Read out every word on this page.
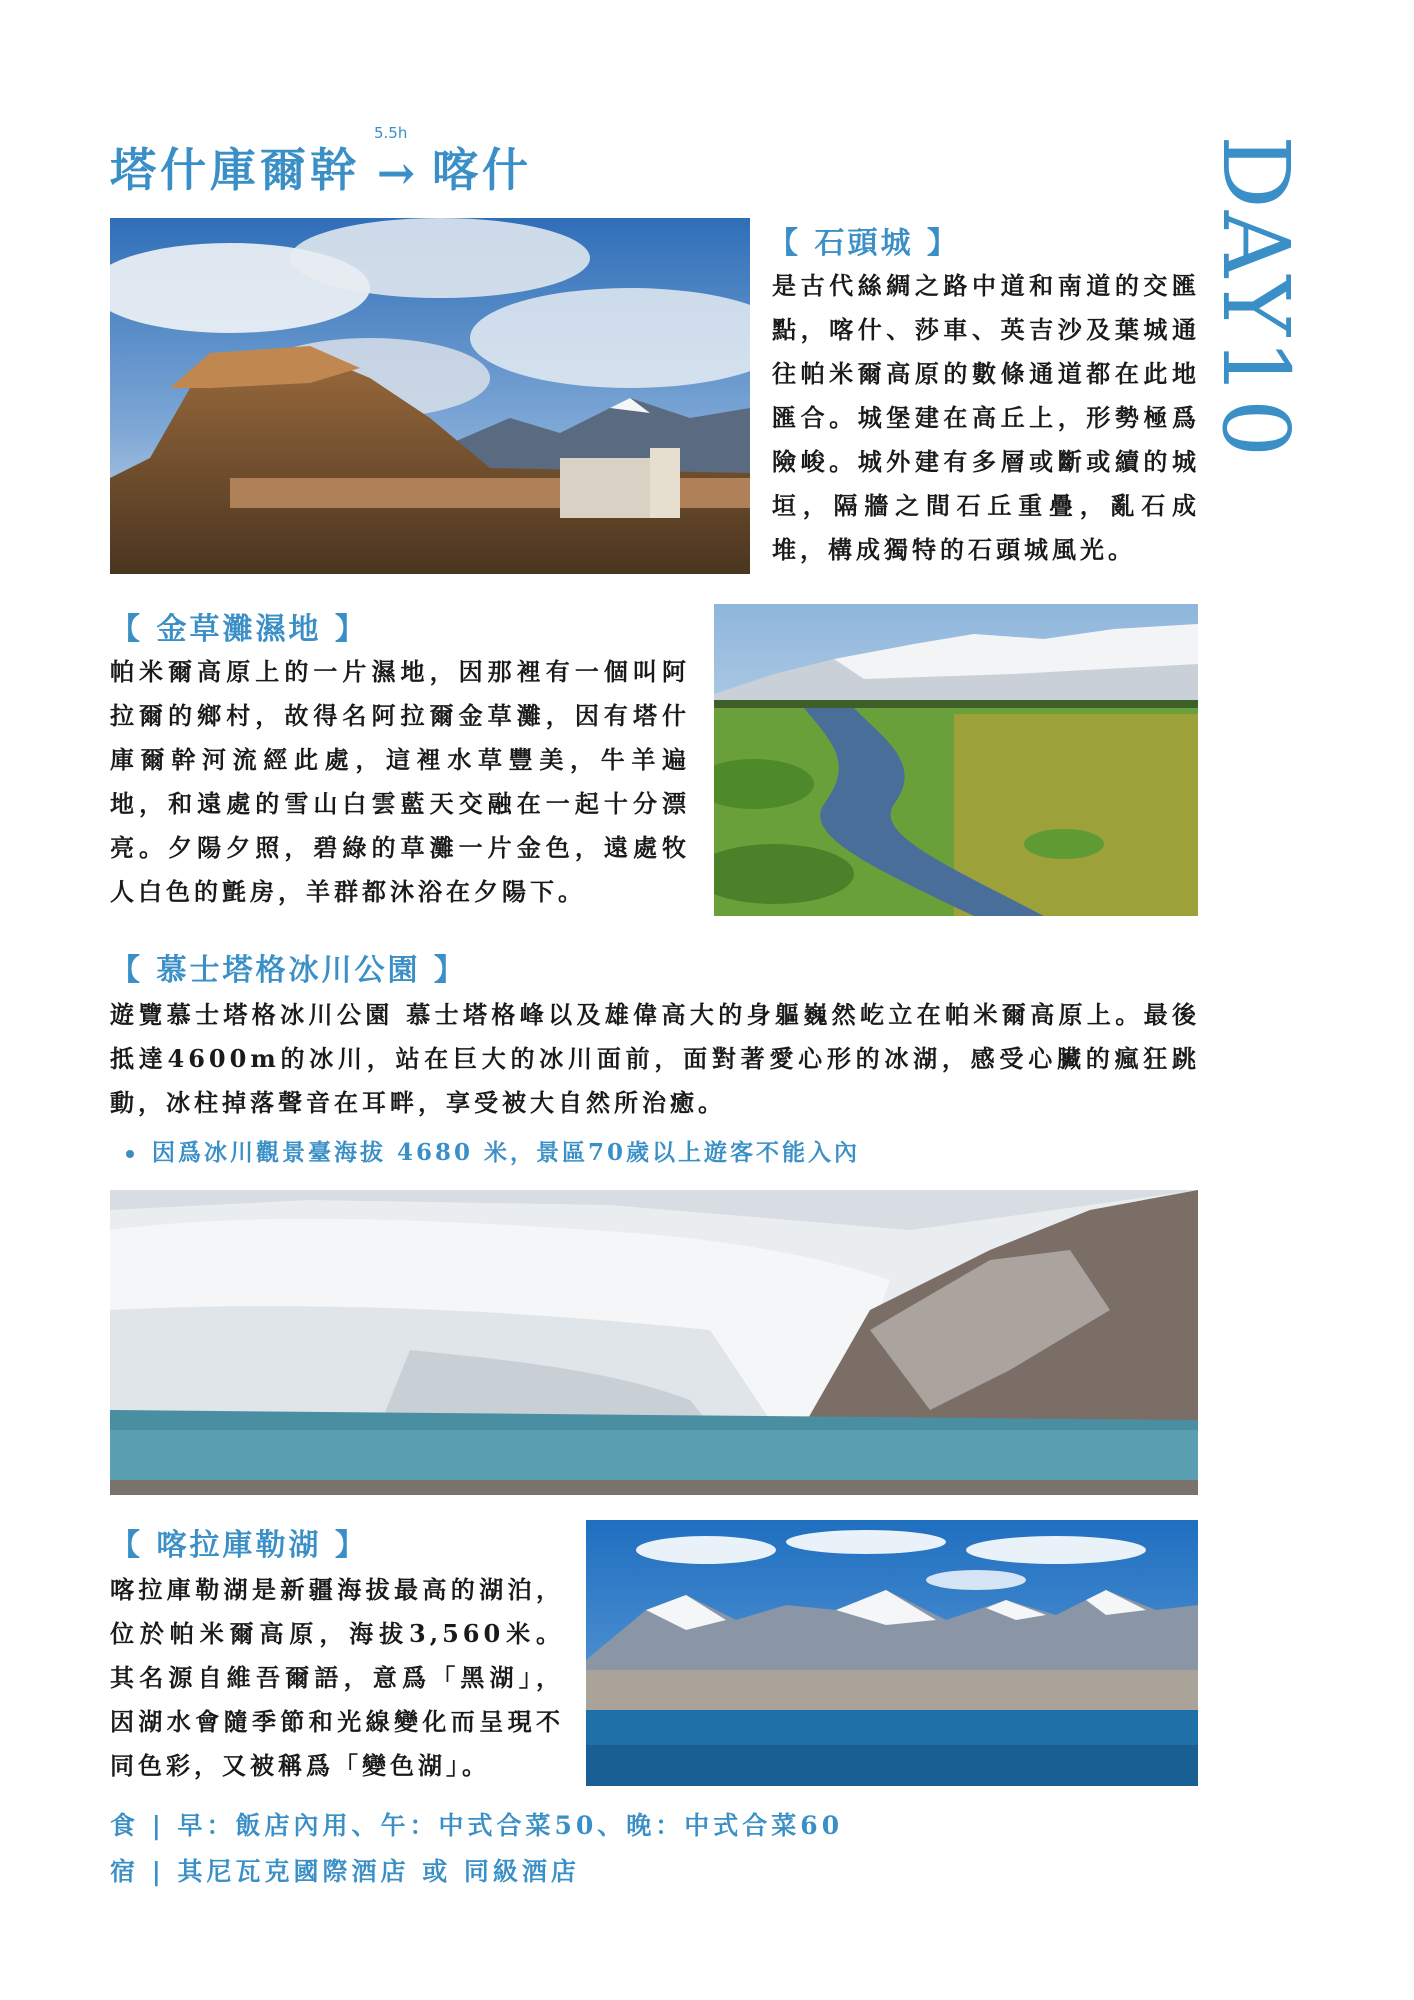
塔什庫爾幹
5.5h
→ 喀什	DAY10
【 石頭城 】
是古代絲綢之路中道和南道的交匯點，喀什、莎車、英吉沙及葉城通往帕米爾高原的數條通道都在此地匯合。城堡建在高丘上，形勢極爲險峻。城外建有多層或斷或續的城垣，隔牆之間石丘重疊，亂石成堆，構成獨特的石頭城風光。
【 金草灘濕地 】
帕米爾高原上的一片濕地，因那裡有一個叫阿拉爾的鄉村，故得名阿拉爾金草灘，因有塔什庫爾幹河流經此處，這裡水草豐美，牛羊遍地，和遠處的雪山白雲藍天交融在一起十分漂亮。夕陽夕照，碧綠的草灘一片金色，遠處牧人白色的氈房，羊群都沐浴在夕陽下。
【 慕士塔格冰川公園 】
遊覽慕士塔格冰川公園 慕士塔格峰以及雄偉高大的身軀巍然屹立在帕米爾高原上。最後抵達4600m的冰川，站在巨大的冰川面前，面對著愛心形的冰湖，感受心臟的瘋狂跳動，冰柱掉落聲音在耳畔，享受被大自然所治癒。
因爲冰川觀景臺海拔 4680 米，景區70歲以上遊客不能入內
【 喀拉庫勒湖 】
喀拉庫勒湖是新疆海拔最高的湖泊，位於帕米爾高原，海拔3,560米。其名源自維吾爾語，意爲「黑湖」，因湖水會隨季節和光線變化而呈現不同色彩，又被稱爲「變色湖」。
食 | 早：飯店內用、午：中式合菜50、晚：中式合菜60
宿 | 其尼瓦克國際酒店 或 同級酒店
